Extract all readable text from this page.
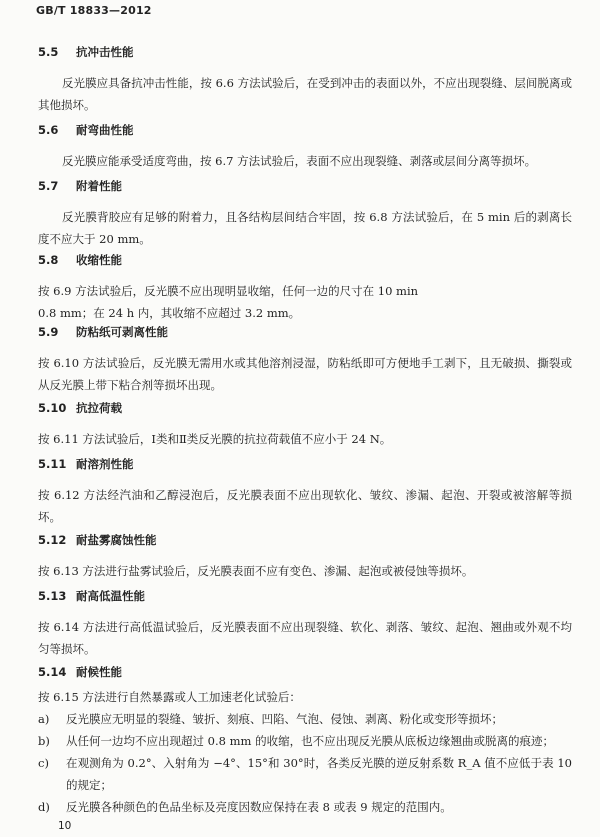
GB/T 18833—2012
5.5 抗冲击性能
反光膜应具备抗冲击性能，按 6.6 方法试验后，在受到冲击的表面以外，不应出现裂缝、层间脱离或其他损坏。
5.6 耐弯曲性能
反光膜应能承受适度弯曲，按 6.7 方法试验后，表面不应出现裂缝、剥落或层间分离等损坏。
5.7 附着性能
反光膜背胶应有足够的附着力，且各结构层间结合牢固，按 6.8 方法试验后，在 5 min 后的剥离长度不应大于 20 mm。
5.8 收缩性能
按 6.9 方法试验后，反光膜不应出现明显收缩，任何一边的尺寸在 10 min
0.8 mm；在 24 h 内，其收缩不应超过 3.2 mm。
5.9 防粘纸可剥离性能
按 6.10 方法试验后，反光膜无需用水或其他溶剂浸湿，防粘纸即可方便地手工剥下，且无破损、撕裂或从反光膜上带下粘合剂等损坏出现。
5.10 抗拉荷载
按 6.11 方法试验后，Ⅰ类和Ⅱ类反光膜的抗拉荷载值不应小于 24 N。
5.11 耐溶剂性能
按 6.12 方法经汽油和乙醇浸泡后，反光膜表面不应出现软化、皱纹、渗漏、起泡、开裂或被溶解等损坏。
5.12 耐盐雾腐蚀性能
按 6.13 方法进行盐雾试验后，反光膜表面不应有变色、渗漏、起泡或被侵蚀等损坏。
5.13 耐高低温性能
按 6.14 方法进行高低温试验后，反光膜表面不应出现裂缝、软化、剥落、皱纹、起泡、翘曲或外观不均匀等损坏。
5.14 耐候性能
按 6.15 方法进行自然暴露或人工加速老化试验后：
a)	反光膜应无明显的裂缝、皱折、刻痕、凹陷、气泡、侵蚀、剥离、粉化或变形等损坏；
b)	从任何一边均不应出现超过 0.8 mm 的收缩，也不应出现反光膜从底板边缘翘曲或脱离的痕迹；
c)	在观测角为 0.2°、入射角为 −4°、15°和 30°时，各类反光膜的逆反射系数 R_A 值不应低于表 10 的规定；
d)	反光膜各种颜色的色品坐标及亮度因数应保持在表 8 或表 9 规定的范围内。
10
